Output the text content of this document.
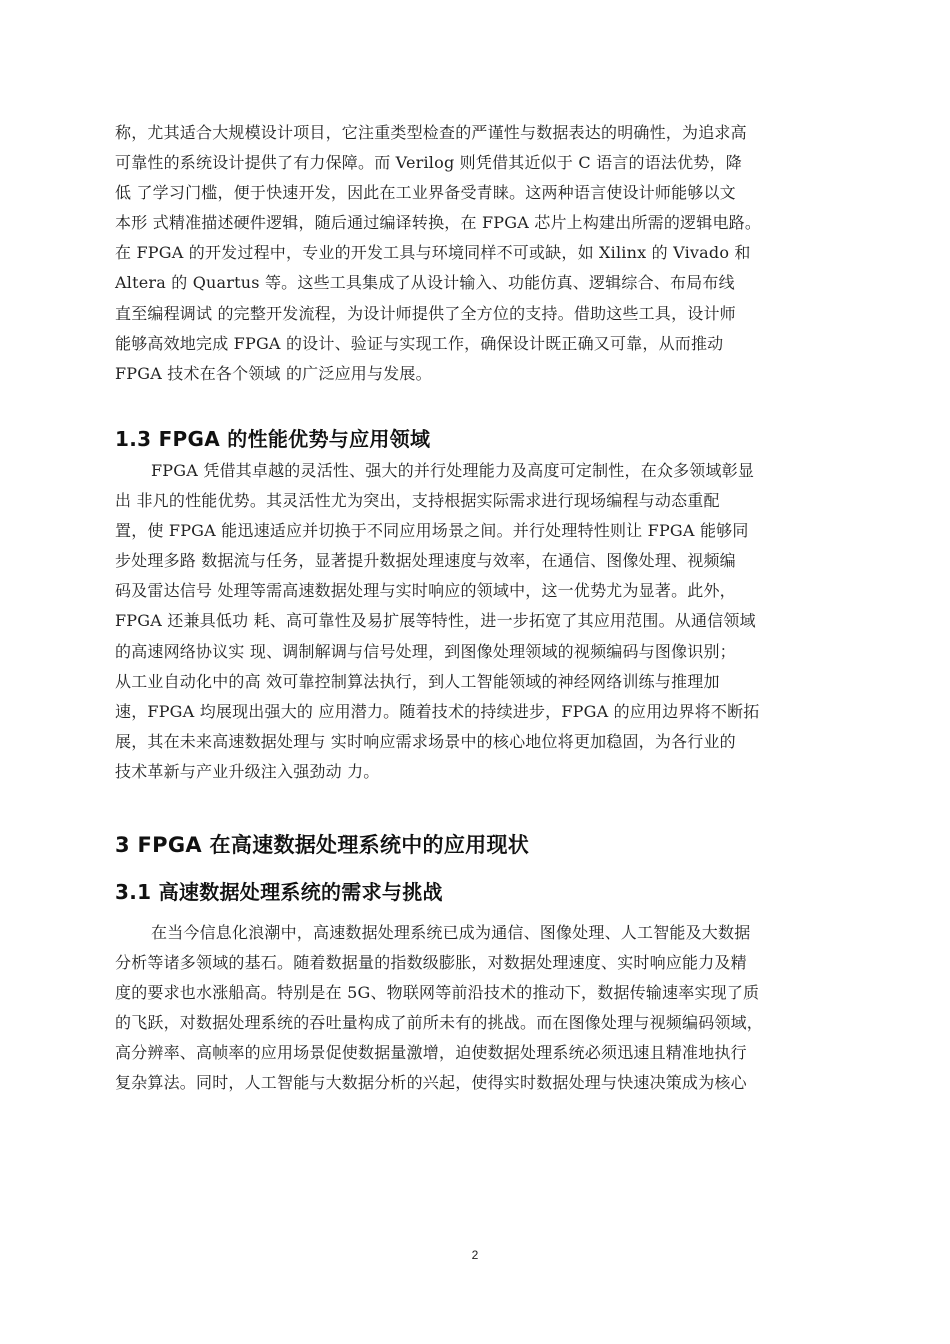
称，尤其适合大规模设计项目，它注重类型检查的严谨性与数据表达的明确性，为追求高
可靠性的系统设计提供了有力保障。而 Verilog 则凭借其近似于 C 语言的语法优势，降
低 了学习门槛，便于快速开发，因此在工业界备受青睐。这两种语言使设计师能够以文
本形 式精准描述硬件逻辑，随后通过编译转换，在 FPGA 芯片上构建出所需的逻辑电路。
在 FPGA 的开发过程中，专业的开发工具与环境同样不可或缺，如 Xilinx 的 Vivado 和
Altera 的 Quartus 等。这些工具集成了从设计输入、功能仿真、逻辑综合、布局布线
直至编程调试 的完整开发流程，为设计师提供了全方位的支持。借助这些工具，设计师
能够高效地完成 FPGA 的设计、验证与实现工作，确保设计既正确又可靠，从而推动
FPGA 技术在各个领域 的广泛应用与发展。

1.3 FPGA 的性能优势与应用领域

FPGA 凭借其卓越的灵活性、强大的并行处理能力及高度可定制性，在众多领域彰显
出 非凡的性能优势。其灵活性尤为突出，支持根据实际需求进行现场编程与动态重配
置，使 FPGA 能迅速适应并切换于不同应用场景之间。并行处理特性则让 FPGA 能够同
步处理多路 数据流与任务，显著提升数据处理速度与效率，在通信、图像处理、视频编
码及雷达信号 处理等需高速数据处理与实时响应的领域中，这一优势尤为显著。此外，
FPGA 还兼具低功 耗、高可靠性及易扩展等特性，进一步拓宽了其应用范围。从通信领域
的高速网络协议实 现、调制解调与信号处理，到图像处理领域的视频编码与图像识别；
从工业自动化中的高 效可靠控制算法执行，到人工智能领域的神经网络训练与推理加
速，FPGA 均展现出强大的 应用潜力。随着技术的持续进步，FPGA 的应用边界将不断拓
展，其在未来高速数据处理与 实时响应需求场景中的核心地位将更加稳固，为各行业的
技术革新与产业升级注入强劲动 力。

3 FPGA 在高速数据处理系统中的应用现状
3.1 高速数据处理系统的需求与挑战

在当今信息化浪潮中，高速数据处理系统已成为通信、图像处理、人工智能及大数据
分析等诸多领域的基石。随着数据量的指数级膨胀，对数据处理速度、实时响应能力及精
度的要求也水涨船高。特别是在 5G、物联网等前沿技术的推动下，数据传输速率实现了质
的飞跃，对数据处理系统的吞吐量构成了前所未有的挑战。而在图像处理与视频编码领域，
高分辨率、高帧率的应用场景促使数据量激增，迫使数据处理系统必须迅速且精准地执行
复杂算法。同时，人工智能与大数据分析的兴起，使得实时数据处理与快速决策成为核心

2
